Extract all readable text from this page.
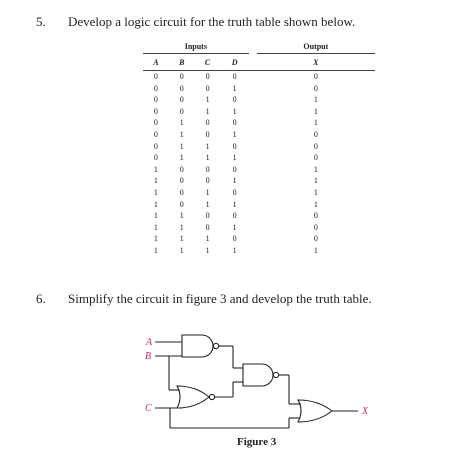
5. Develop a logic circuit for the truth table shown below.
Inputs					Output
A	B	C	D		X
0	0	0	0		0
0	0	0	1		0
0	0	1	0		1
0	0	1	1		1
0	1	0	0		1
0	1	0	1		0
0	1	1	0		0
0	1	1	1		0
1	0	0	0		1
1	0	0	1		1
1	0	1	0		1
1	0	1	1		1
1	1	0	0		0
1	1	0	1		0
1	1	1	0		0
1	1	1	1		1
6. Simplify the circuit in figure 3 and develop the truth table.
A
B
C	X
Figure 3
